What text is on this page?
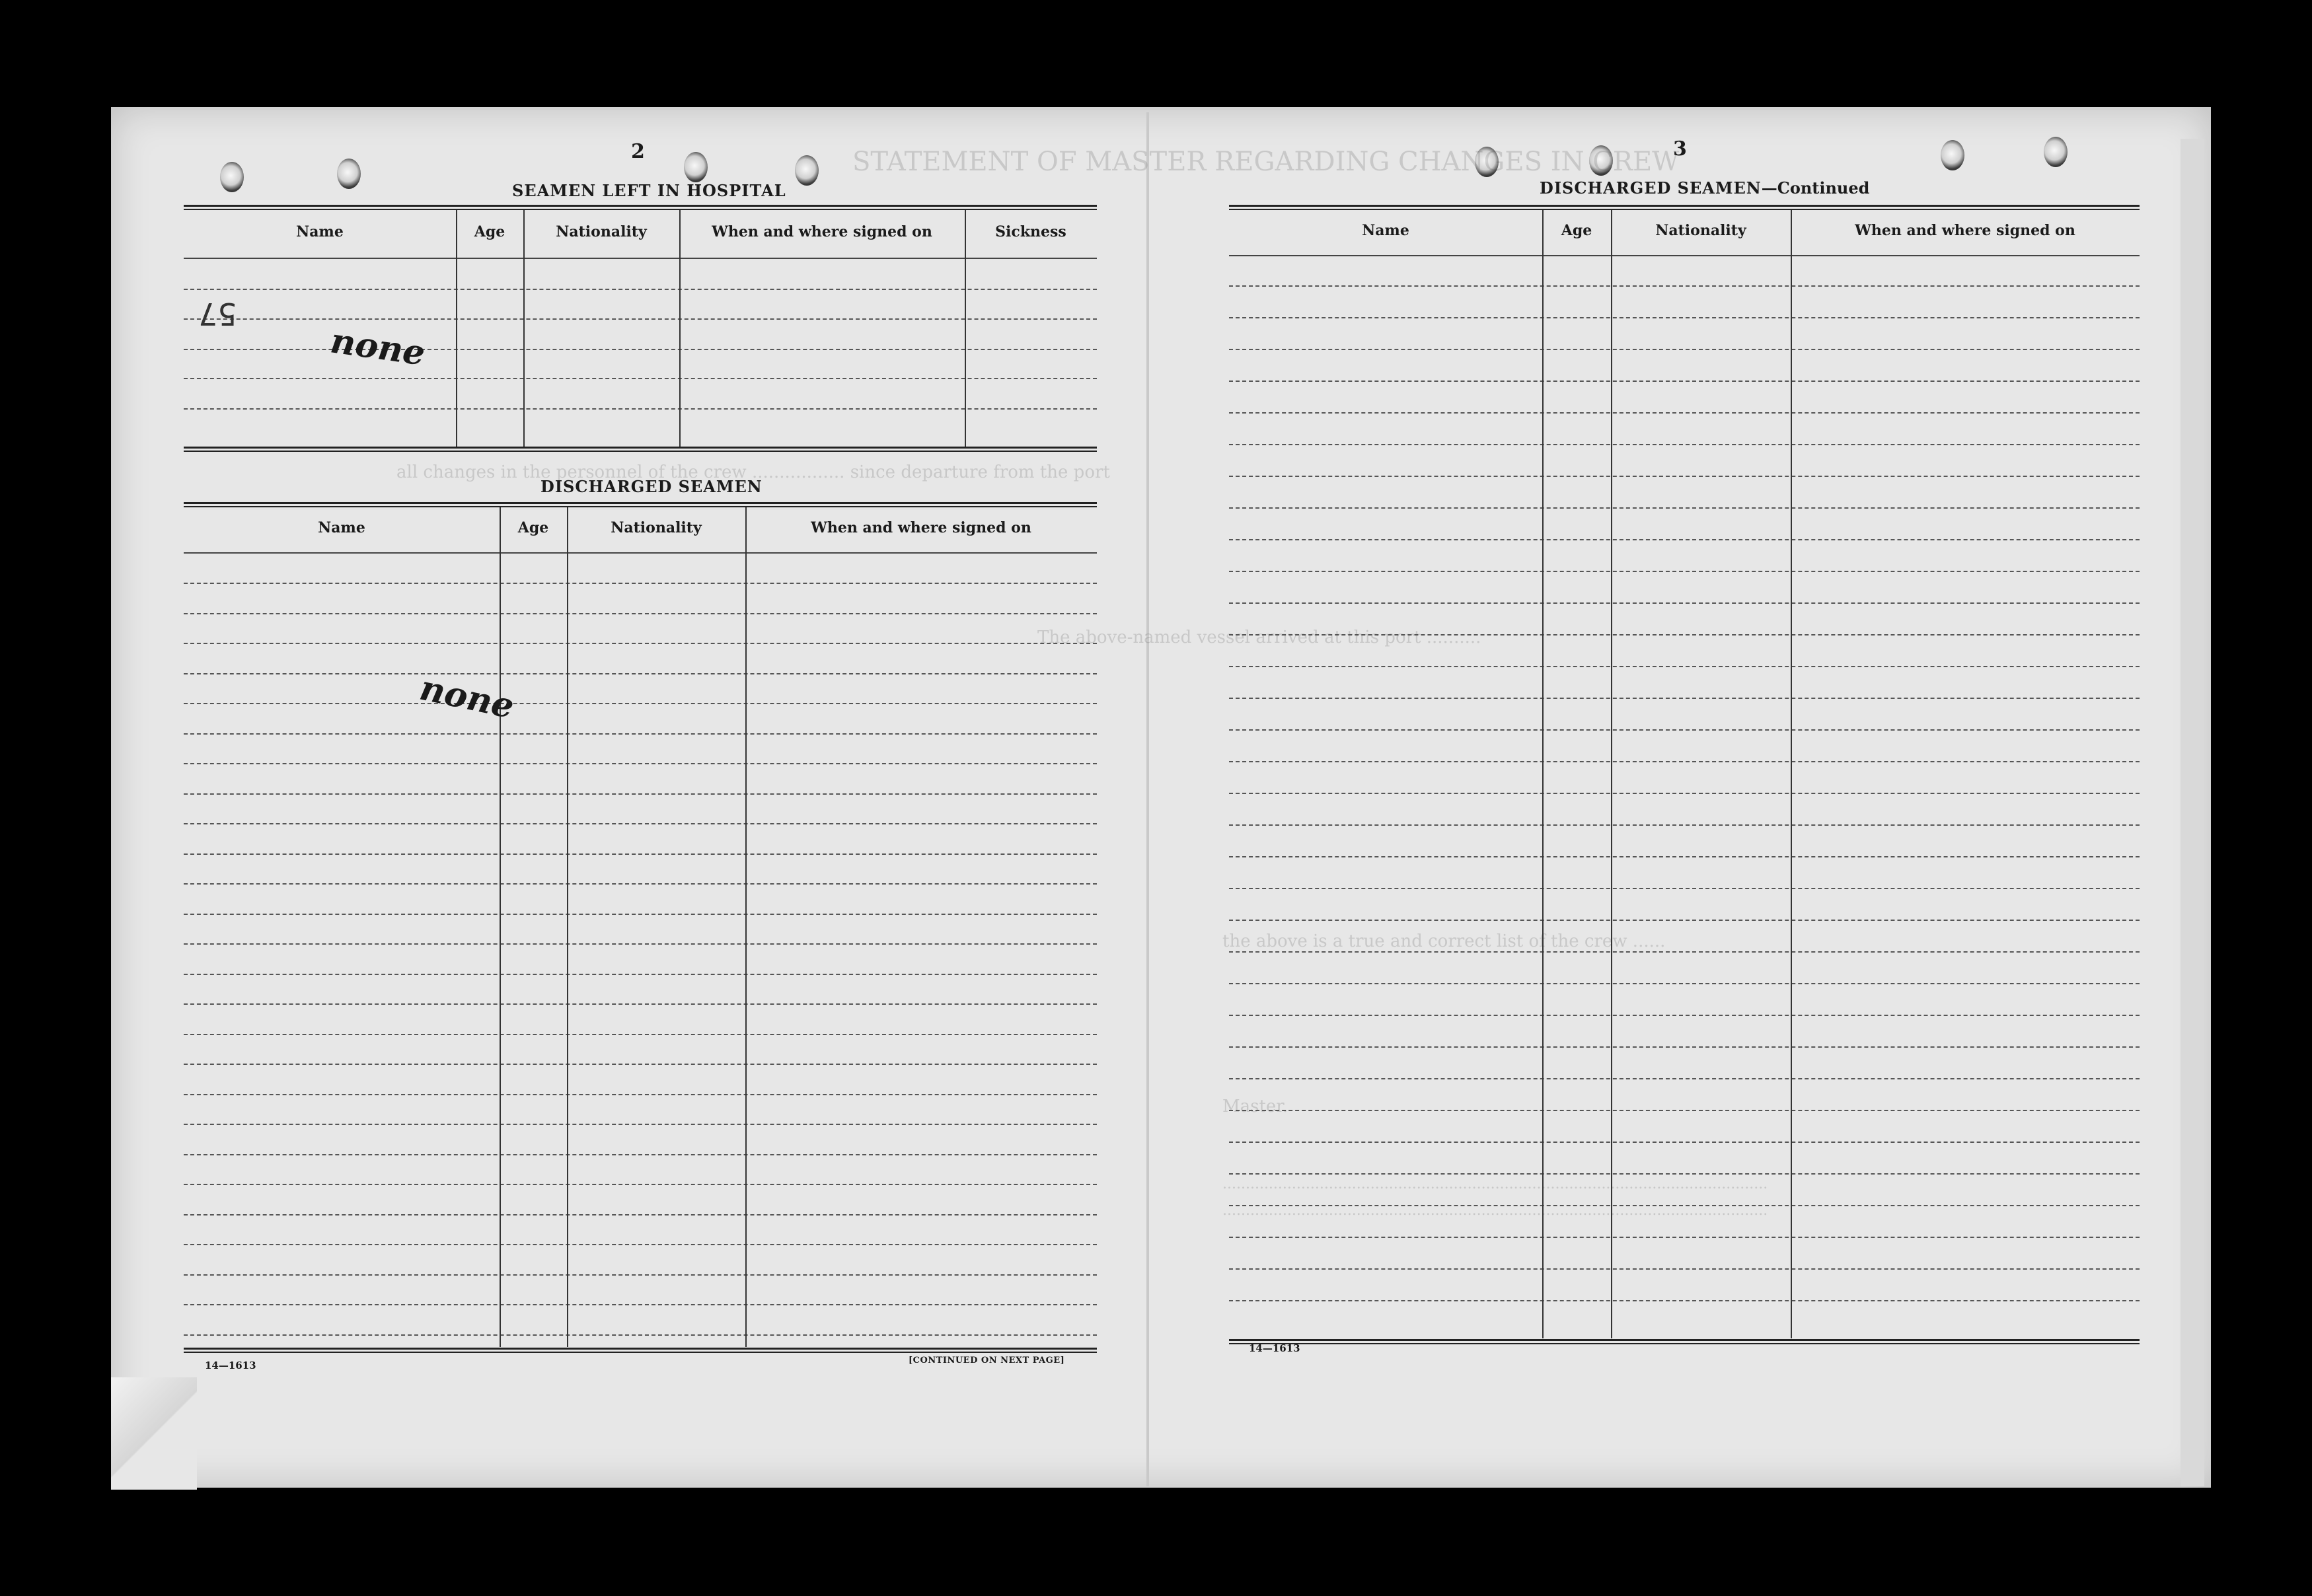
STATEMENT OF MASTER REGARDING CHANGES IN CREW
all changes in the personnel of the crew ................. since departure from the port
The above-named vessel arrived at this port ..........
the above is a true and correct list of the crew ......
Master.
......................................................................................................................
......................................................................................................................
2
SEAMEN LEFT IN HOSPITAL
Name	Age	Nationality	When and where signed on	Sickness
none
57
DISCHARGED SEAMEN
Name	Age	Nationality	When and where signed on
none
14—1613	[CONTINUED ON NEXT PAGE]
3
DISCHARGED SEAMEN—Continued
Name	Age	Nationality	When and where signed on
14—1613
